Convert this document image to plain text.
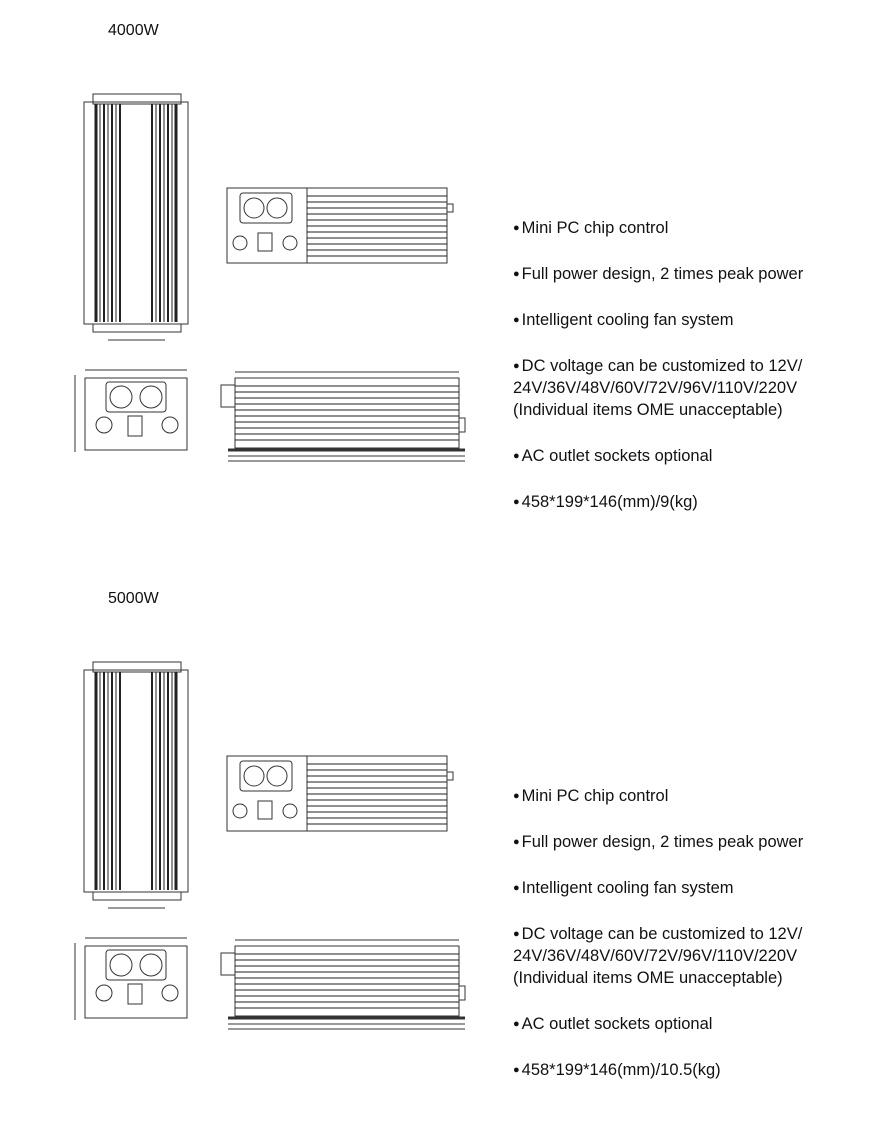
4000W
● Mini PC chip control
● Full power design, 2 times peak power
● Intelligent cooling fan system
● DC voltage can be customized to 12V/
24V/36V/48V/60V/72V/96V/110V/220V
(Individual items OME unacceptable)
● AC outlet sockets optional
● 458*199*146(mm)/9(kg)
5000W
● Mini PC chip control
● Full power design, 2 times peak power
● Intelligent cooling fan system
● DC voltage can be customized to 12V/
24V/36V/48V/60V/72V/96V/110V/220V
(Individual items OME unacceptable)
● AC outlet sockets optional
● 458*199*146(mm)/10.5(kg)
